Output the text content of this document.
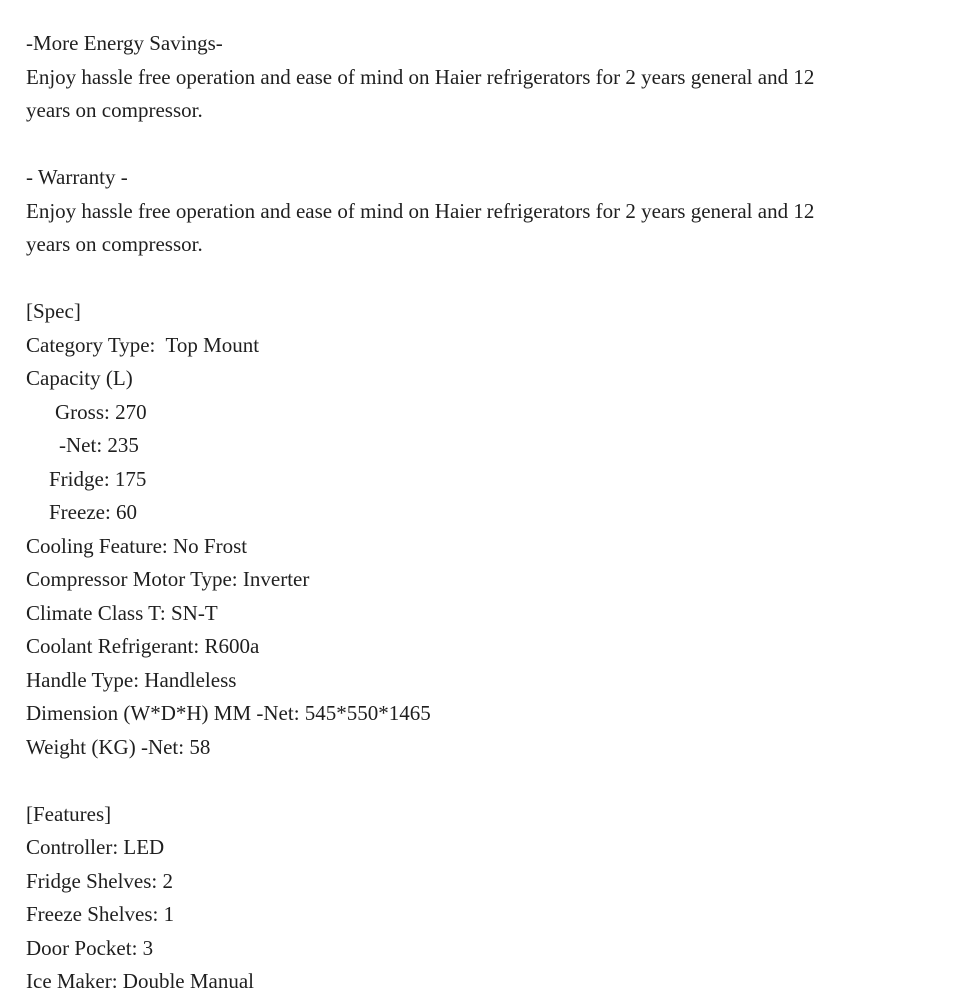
-More Energy Savings-
Enjoy hassle free operation and ease of mind on Haier refrigerators for 2 years general and 12
years on compressor.
- Warranty -
Enjoy hassle free operation and ease of mind on Haier refrigerators for 2 years general and 12
years on compressor.
[Spec]
Category Type:  Top Mount
Capacity (L)
Gross: 270
-Net: 235
Fridge: 175
Freeze: 60
Cooling Feature: No Frost
Compressor Motor Type: Inverter
Climate Class T: SN-T
Coolant Refrigerant: R600a
Handle Type: Handleless
Dimension (W*D*H) MM -Net: 545*550*1465
Weight (KG) -Net: 58
[Features]
Controller: LED
Fridge Shelves: 2
Freeze Shelves: 1
Door Pocket: 3
Ice Maker: Double Manual
